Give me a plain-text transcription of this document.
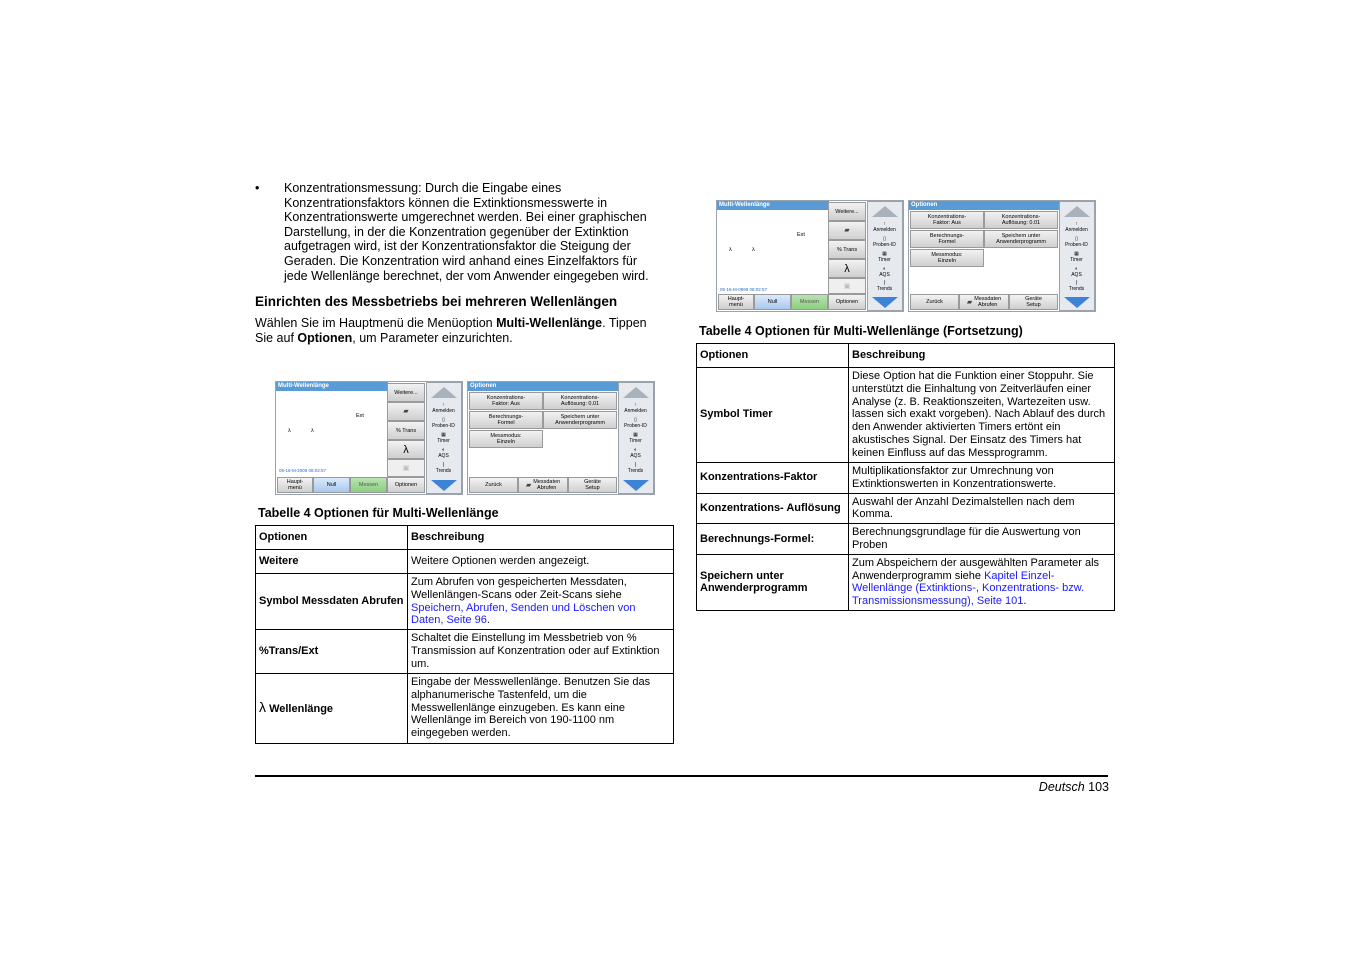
• Konzentrationsmessung: Durch die Eingabe eines Konzentrationsfaktors können die Extinktionsmesswerte in Konzentrationswerte umgerechnet werden. Bei einer graphischen Darstellung, in der die Konzentration gegenüber der Extinktion aufgetragen wird, ist der Konzentrationsfaktor die Steigung der Geraden. Die Konzentration wird anhand eines Einzelfaktors für jede Wellenlänge berechnet, der vom Anwender eingegeben wird.
Einrichten des Messbetriebs bei mehreren Wellenlängen
Wählen Sie im Hauptmenü die Menüoption Multi-Wellenlänge. Tippen Sie auf Optionen, um Parameter einzurichten.
Multi-Wellenlänge
Ext
λ	λ
05-16-M-2009 08:02:57
Weitere...
▰
% Trans
λ
▣
Haupt-
menü	Null	Messen	Optionen
↑
Anmelden
▯
Proben-ID
▦
Timer
◐
AQS
⌊
Trends
Optionen
Konzentrations-
Faktor: Aus
Konzentrations-
Auflösung: 0.01
Berechnungs-
Formel
Speichern unter
Anwenderprogramm
Messmodus:
Einzeln
Zurück	▰ Messdaten
Abrufen
Geräte
Setup
↑
Anmelden
▯
Proben-ID
▦
Timer
◐
AQS
⌊
Trends
Multi-Wellenlänge
Ext
λ	λ
05-16-M-0999 08:02:57
Weitere...
▰
% Trans
λ
▣
Haupt-
menü	Null	Messen	Optionen
↑
Anmelden
▯
Proben-ID
▦
Timer
◐
AQS
⌊
Trends
Optionen
Konzentrations-
Faktor: Aus
Konzentrations-
Auflösung: 0.01
Berechnungs-
Formel
Speichern unter
Anwenderprogramm
Messmodus:
Einzeln
Zurück	▰ Messdaten
Abrufen
Geräte
Setup
↑
Anmelden
▯
Proben-ID
▦
Timer
◐
AQS
⌊
Trends
Tabelle 4 Optionen für Multi-Wellenlänge
Optionen	Beschreibung
Weitere	Weitere Optionen werden angezeigt.
Symbol Messdaten Abrufen	Zum Abrufen von gespeicherten Messdaten, Wellenlängen-Scans oder Zeit-Scans siehe Speichern, Abrufen, Senden und Löschen von Daten, Seite 96.
%Trans/Ext	Schaltet die Einstellung im Messbetrieb von % Transmission auf Konzentration oder auf Extinktion um.
λ Wellenlänge	Eingabe der Messwellenlänge. Benutzen Sie das alphanumerische Tastenfeld, um die Messwellenlänge einzugeben. Es kann eine Wellenlänge im Bereich von 190-1100 nm eingegeben werden.
Tabelle 4 Optionen für Multi-Wellenlänge (Fortsetzung)
Optionen	Beschreibung
Symbol Timer	Diese Option hat die Funktion einer Stoppuhr. Sie unterstützt die Einhaltung von Zeitverläufen einer Analyse (z. B. Reaktionszeiten, Wartezeiten usw. lassen sich exakt vorgeben). Nach Ablauf des durch den Anwender aktivierten Timers ertönt ein akustisches Signal. Der Einsatz des Timers hat keinen Einfluss auf das Messprogramm.
Konzentrations-Faktor	Multiplikationsfaktor zur Umrechnung von Extinktionswerten in Konzentrationswerte.
Konzentrations- Auflösung	Auswahl der Anzahl Dezimalstellen nach dem Komma.
Berechnungs-Formel:	Berechnungsgrundlage für die Auswertung von Proben
Speichern unter Anwenderprogramm	Zum Abspeichern der ausgewählten Parameter als Anwenderprogramm siehe Kapitel Einzel-Wellenlänge (Extinktions-, Konzentrations- bzw. Transmissionsmessung), Seite 101.
Deutsch 103
